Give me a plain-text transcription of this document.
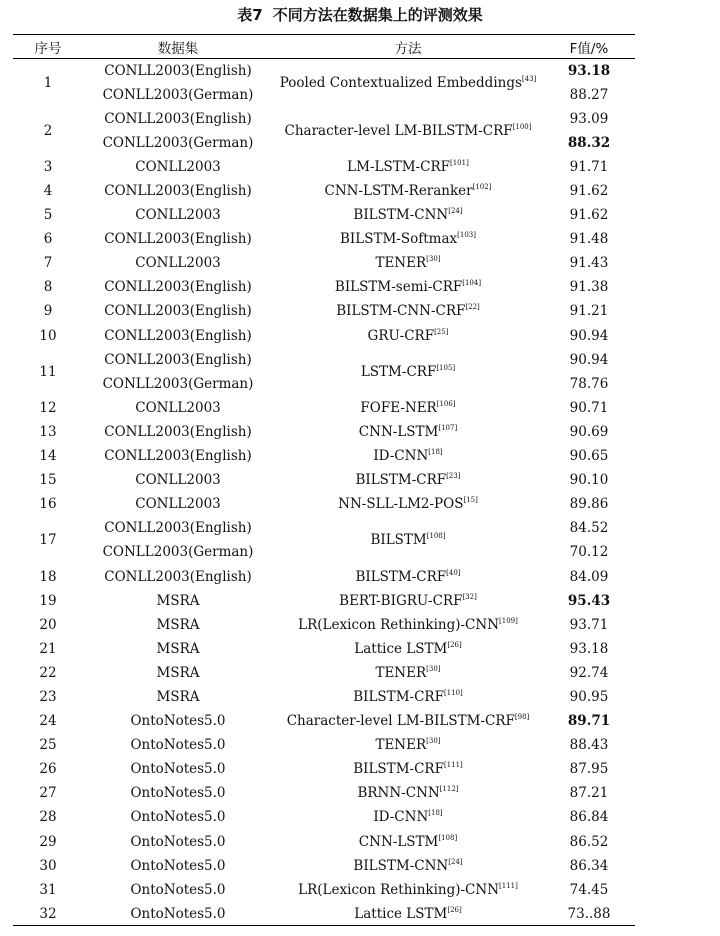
表7 不同方法在数据集上的评测效果
序号	数据集	方法	F值/%
1	CONLL2003(English)	Pooled Contextualized Embeddings[43]	93.18
	CONLL2003(German)		88.27
2	CONLL2003(English)	Character-level LM-BILSTM-CRF[100]	93.09
	CONLL2003(German)		88.32
3	CONLL2003	LM-LSTM-CRF[101]	91.71
4	CONLL2003(English)	CNN-LSTM-Reranker[102]	91.62
5	CONLL2003	BILSTM-CNN[24]	91.62
6	CONLL2003(English)	BILSTM-Softmax[103]	91.48
7	CONLL2003	TENER[30]	91.43
8	CONLL2003(English)	BILSTM-semi-CRF[104]	91.38
9	CONLL2003(English)	BILSTM-CNN-CRF[22]	91.21
10	CONLL2003(English)	GRU-CRF[25]	90.94
11	CONLL2003(English)	LSTM-CRF[105]	90.94
	CONLL2003(German)		78.76
12	CONLL2003	FOFE-NER[106]	90.71
13	CONLL2003(English)	CNN-LSTM[107]	90.69
14	CONLL2003(English)	ID-CNN[18]	90.65
15	CONLL2003	BILSTM-CRF[23]	90.10
16	CONLL2003	NN-SLL-LM2-POS[15]	89.86
17	CONLL2003(English)	BILSTM[108]	84.52
	CONLL2003(German)		70.12
18	CONLL2003(English)	BILSTM-CRF[40]	84.09
19	MSRA	BERT-BIGRU-CRF[32]	95.43
20	MSRA	LR(Lexicon Rethinking)-CNN[109]	93.71
21	MSRA	Lattice LSTM[26]	93.18
22	MSRA	TENER[30]	92.74
23	MSRA	BILSTM-CRF[110]	90.95
24	OntoNotes5.0	Character-level LM-BILSTM-CRF[98]	89.71
25	OntoNotes5.0	TENER[30]	88.43
26	OntoNotes5.0	BILSTM-CRF[111]	87.95
27	OntoNotes5.0	BRNN-CNN[112]	87.21
28	OntoNotes5.0	ID-CNN[18]	86.84
29	OntoNotes5.0	CNN-LSTM[108]	86.52
30	OntoNotes5.0	BILSTM-CNN[24]	86.34
31	OntoNotes5.0	LR(Lexicon Rethinking)-CNN[111]	74.45
32	OntoNotes5.0	Lattice LSTM[26]	73..88
